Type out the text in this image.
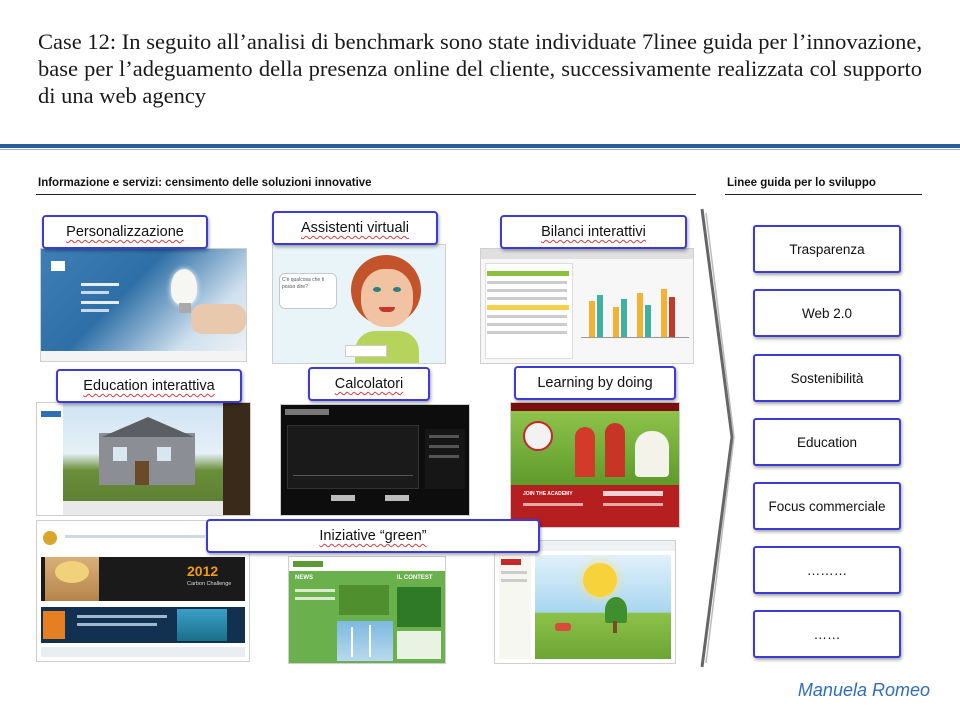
Case 12: In seguito all’analisi di benchmark sono state individuate 7linee guida per l’innovazione, base per l’adeguamento della presenza online del cliente, successivamente realizzata col supporto di una web agency
Informazione e servizi: censimento delle soluzioni innovative	Linee guida per lo sviluppo
C'è qualcosa che ti posso dire?
JOIN THE ACADEMY
2012
Carbon Challenge
NEWS	IL CONTEST
Personalizzazione	Assistenti virtuali	Bilanci interattivi
Education interattiva	Calcolatori	Learning by doing
Iniziative “green”
Trasparenza
Web 2.0
Sostenibilità
Education
Focus commerciale
………
……
Manuela Romeo
